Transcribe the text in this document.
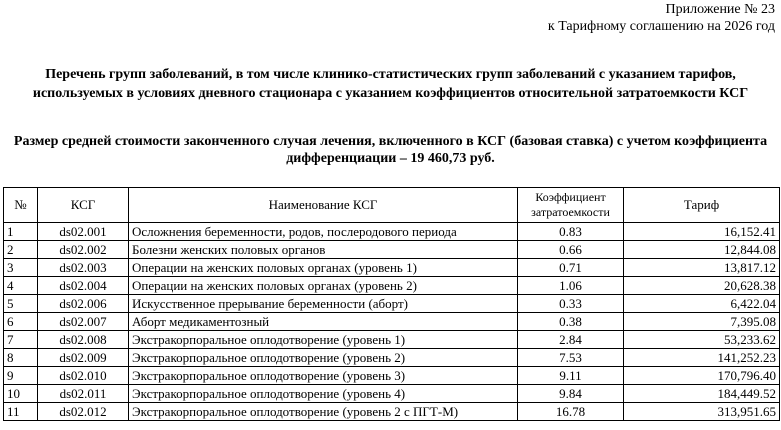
Приложение № 23
к Тарифному соглашению на 2026 год
Перечень групп заболеваний, в том числе клинико-статистических групп заболеваний с указанием тарифов,
используемых в условиях дневного стационара с указанием коэффициентов относительной затратоемкости КСГ
Размер средней стоимости законченного случая лечения, включенного в КСГ (базовая ставка) с учетом коэффициента
дифференциации – 19 460,73 руб.
№	КСГ	Наименование КСГ	Коэффициент
затратоемкости	Тариф
1	ds02.001	Осложнения беременности, родов, послеродового периода	0.83	16,152.41
2	ds02.002	Болезни женских половых органов	0.66	12,844.08
3	ds02.003	Операции на женских половых органах (уровень 1)	0.71	13,817.12
4	ds02.004	Операции на женских половых органах (уровень 2)	1.06	20,628.38
5	ds02.006	Искусственное прерывание беременности (аборт)	0.33	6,422.04
6	ds02.007	Аборт медикаментозный	0.38	7,395.08
7	ds02.008	Экстракорпоральное оплодотворение (уровень 1)	2.84	53,233.62
8	ds02.009	Экстракорпоральное оплодотворение (уровень 2)	7.53	141,252.23
9	ds02.010	Экстракорпоральное оплодотворение (уровень 3)	9.11	170,796.40
10	ds02.011	Экстракорпоральное оплодотворение (уровень 4)	9.84	184,449.52
11	ds02.012	Экстракорпоральное оплодотворение (уровень 2 с ПГТ-М)	16.78	313,951.65
